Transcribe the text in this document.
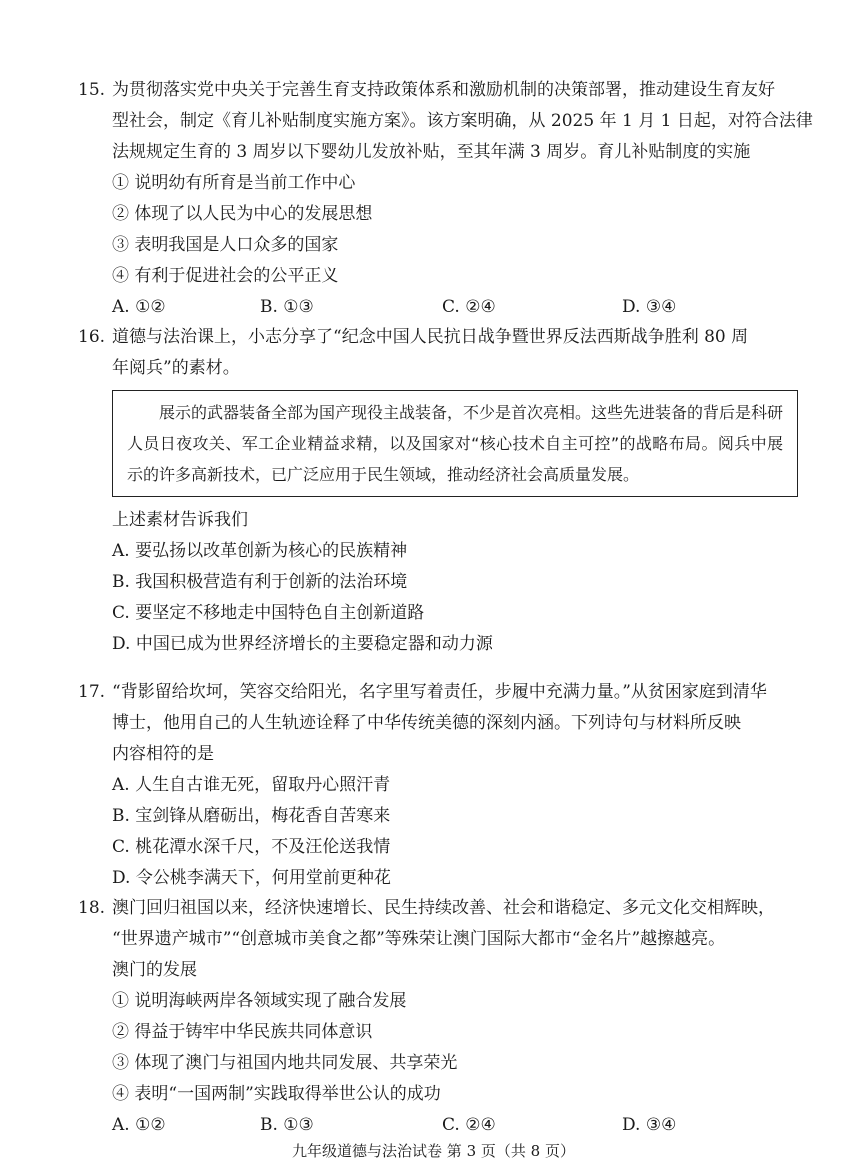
15. 为贯彻落实党中央关于完善生育支持政策体系和激励机制的决策部署，推动建设生育友好
型社会，制定《育儿补贴制度实施方案》。该方案明确，从 2025 年 1 月 1 日起，对符合法律
法规规定生育的 3 周岁以下婴幼儿发放补贴，至其年满 3 周岁。育儿补贴制度的实施
① 说明幼有所育是当前工作中心
② 体现了以人民为中心的发展思想
③ 表明我国是人口众多的国家
④ 有利于促进社会的公平正义
A. ①②	B. ①③	C. ②④	D. ③④
16. 道德与法治课上，小志分享了“纪念中国人民抗日战争暨世界反法西斯战争胜利 80 周
年阅兵”的素材。
展示的武器装备全部为国产现役主战装备，不少是首次亮相。这些先进装备的背后是科研人员日夜攻关、军工企业精益求精，以及国家对“核心技术自主可控”的战略布局。阅兵中展示的许多高新技术，已广泛应用于民生领域，推动经济社会高质量发展。
上述素材告诉我们
A. 要弘扬以改革创新为核心的民族精神
B. 我国积极营造有利于创新的法治环境
C. 要坚定不移地走中国特色自主创新道路
D. 中国已成为世界经济增长的主要稳定器和动力源
17. “背影留给坎坷，笑容交给阳光，名字里写着责任，步履中充满力量。”从贫困家庭到清华
博士，他用自己的人生轨迹诠释了中华传统美德的深刻内涵。下列诗句与材料所反映
内容相符的是
A. 人生自古谁无死，留取丹心照汗青
B. 宝剑锋从磨砺出，梅花香自苦寒来
C. 桃花潭水深千尺，不及汪伦送我情
D. 令公桃李满天下，何用堂前更种花
18. 澳门回归祖国以来，经济快速增长、民生持续改善、社会和谐稳定、多元文化交相辉映，
“世界遗产城市”“创意城市美食之都”等殊荣让澳门国际大都市“金名片”越擦越亮。
澳门的发展
① 说明海峡两岸各领域实现了融合发展
② 得益于铸牢中华民族共同体意识
③ 体现了澳门与祖国内地共同发展、共享荣光
④ 表明“一国两制”实践取得举世公认的成功
A. ①②	B. ①③	C. ②④	D. ③④
九年级道德与法治试卷 第 3 页（共 8 页）
